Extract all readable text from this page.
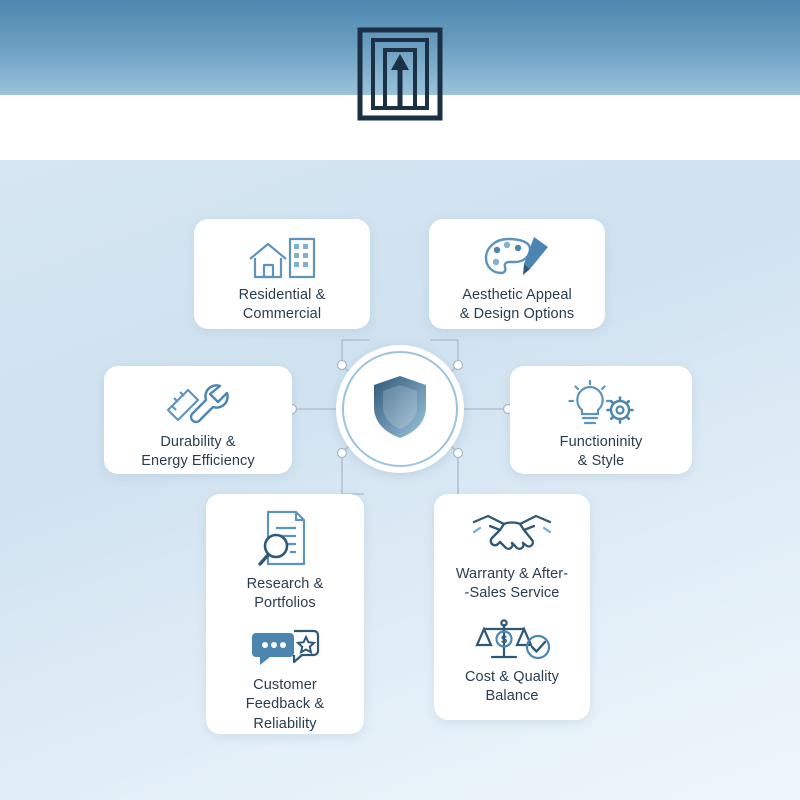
Residential &
Commercial
Aesthetic Appeal
& Design Options
Durability &
Energy Efficiency
Functioninity
& Style
Research & Portfolios
Customer
Feedback &
Reliability
Warranty & After-
-Sales Service
$
Cost & Quality
Balance
